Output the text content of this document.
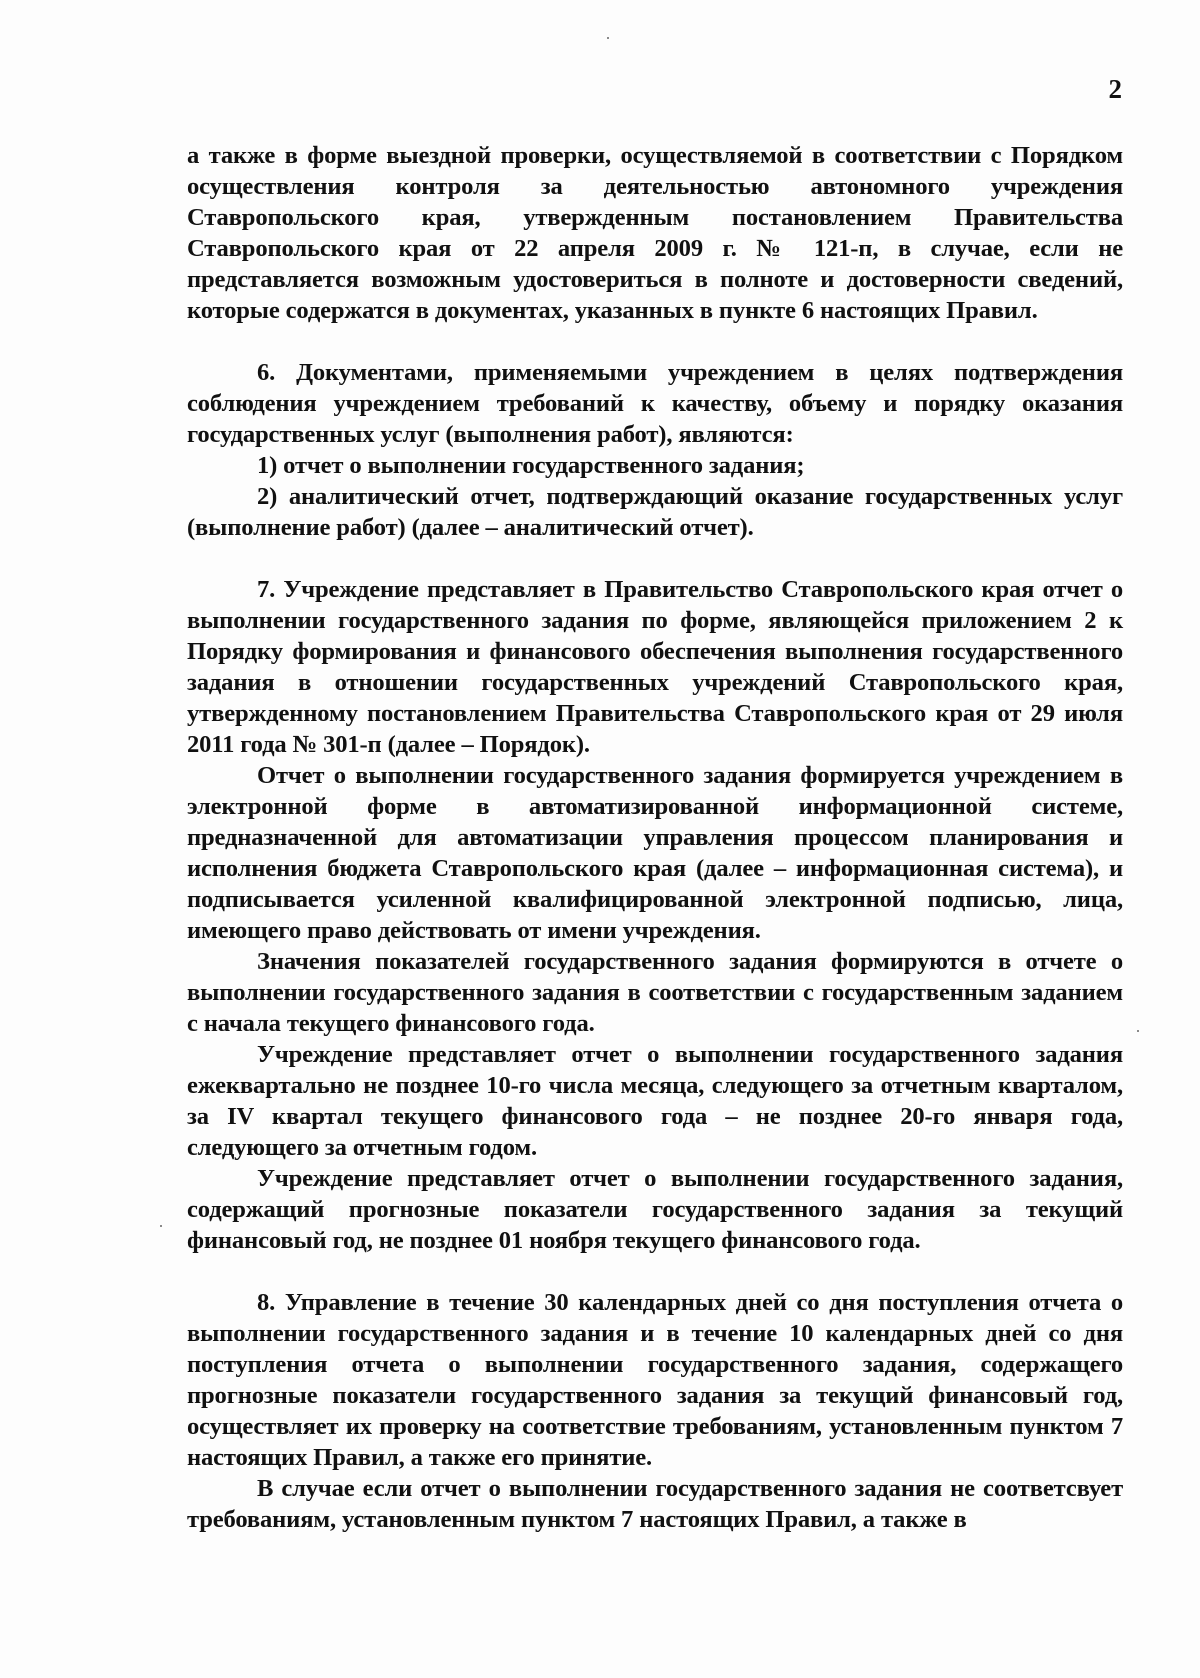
2

а также в форме выездной проверки, осуществляемой в соответствии с Порядком осуществления контроля за деятельностью автономного учреждения Ставропольского края, утвержденным постановлением Правительства Ставропольского края от 22 апреля 2009 г. № 121-п, в случае, если не представляется возможным удостовериться в полноте и достоверности сведений, которые содержатся в документах, указанных в пункте 6 настоящих Правил.

6. Документами, применяемыми учреждением в целях подтверждения соблюдения учреждением требований к качеству, объему и порядку оказания государственных услуг (выполнения работ), являются:

1) отчет о выполнении государственного задания;

2) аналитический отчет, подтверждающий оказание государственных услуг (выполнение работ) (далее – аналитический отчет).

7. Учреждение представляет в Правительство Ставропольского края отчет о выполнении государственного задания по форме, являющейся приложением 2 к Порядку формирования и финансового обеспечения выполнения государственного задания в отношении государственных учреждений Ставропольского края, утвержденному постановлением Правительства Ставропольского края от 29 июля 2011 года № 301-п (далее – Порядок).

Отчет о выполнении государственного задания формируется учреждением в электронной форме в автоматизированной информационной системе, предназначенной для автоматизации управления процессом планирования и исполнения бюджета Ставропольского края (далее – информационная система), и подписывается усиленной квалифицированной электронной подписью, лица, имеющего право действовать от имени учреждения.

Значения показателей государственного задания формируются в отчете о выполнении государственного задания в соответствии с государственным заданием с начала текущего финансового года.

Учреждение представляет отчет о выполнении государственного задания ежеквартально не позднее 10-го числа месяца, следующего за отчетным кварталом, за IV квартал текущего финансового года – не позднее 20-го января года, следующего за отчетным годом.

Учреждение представляет отчет о выполнении государственного задания, содержащий прогнозные показатели государственного задания за текущий финансовый год, не позднее 01 ноября текущего финансового года.

8. Управление в течение 30 календарных дней со дня поступления отчета о выполнении государственного задания и в течение 10 календарных дней со дня поступления отчета о выполнении государственного задания, содержащего прогнозные показатели государственного задания за текущий финансовый год, осуществляет их проверку на соответствие требованиям, установленным пунктом 7 настоящих Правил, а также его принятие.

В случае если отчет о выполнении государственного задания не соответсвует требованиям, установленным пунктом 7 настоящих Правил, а также в
